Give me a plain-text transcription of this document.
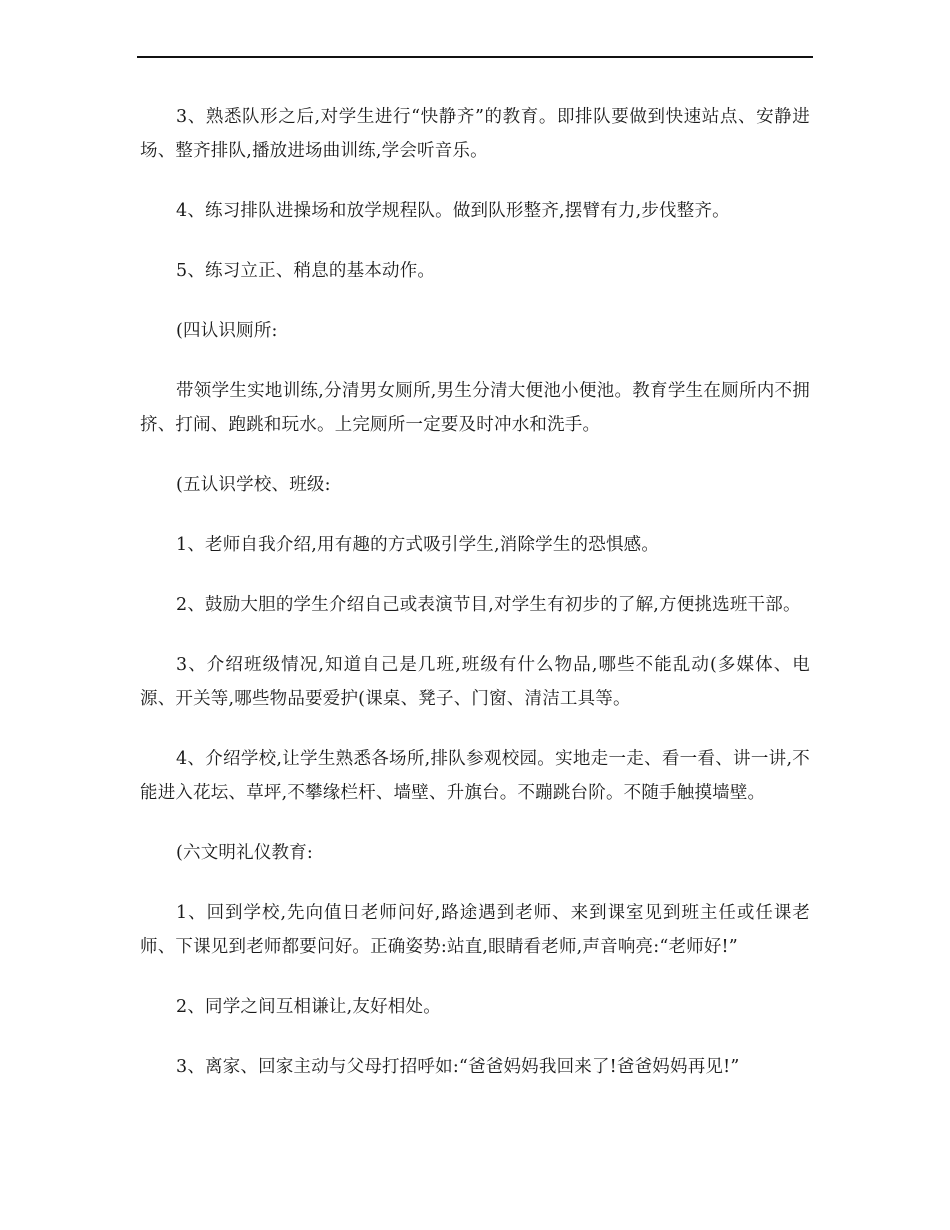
3、熟悉队形之后,对学生进行“快静齐”的教育。即排队要做到快速站点、安静进场、整齐排队,播放进场曲训练,学会听音乐。

4、练习排队进操场和放学规程队。做到队形整齐,摆臂有力,步伐整齐。

5、练习立正、稍息的基本动作。

(四认识厕所:

带领学生实地训练,分清男女厕所,男生分清大便池小便池。教育学生在厕所内不拥挤、打闹、跑跳和玩水。上完厕所一定要及时冲水和洗手。

(五认识学校、班级:

1、老师自我介绍,用有趣的方式吸引学生,消除学生的恐惧感。

2、鼓励大胆的学生介绍自己或表演节目,对学生有初步的了解,方便挑选班干部。

3、介绍班级情况,知道自己是几班,班级有什么物品,哪些不能乱动(多媒体、电源、开关等,哪些物品要爱护(课桌、凳子、门窗、清洁工具等。

4、介绍学校,让学生熟悉各场所,排队参观校园。实地走一走、看一看、讲一讲,不能进入花坛、草坪,不攀缘栏杆、墙壁、升旗台。不蹦跳台阶。不随手触摸墙壁。

(六文明礼仪教育:

1、回到学校,先向值日老师问好,路途遇到老师、来到课室见到班主任或任课老师、下课见到老师都要问好。正确姿势:站直,眼睛看老师,声音响亮:“老师好!”

2、同学之间互相谦让,友好相处。

3、离家、回家主动与父母打招呼如:“爸爸妈妈我回来了!爸爸妈妈再见!”
